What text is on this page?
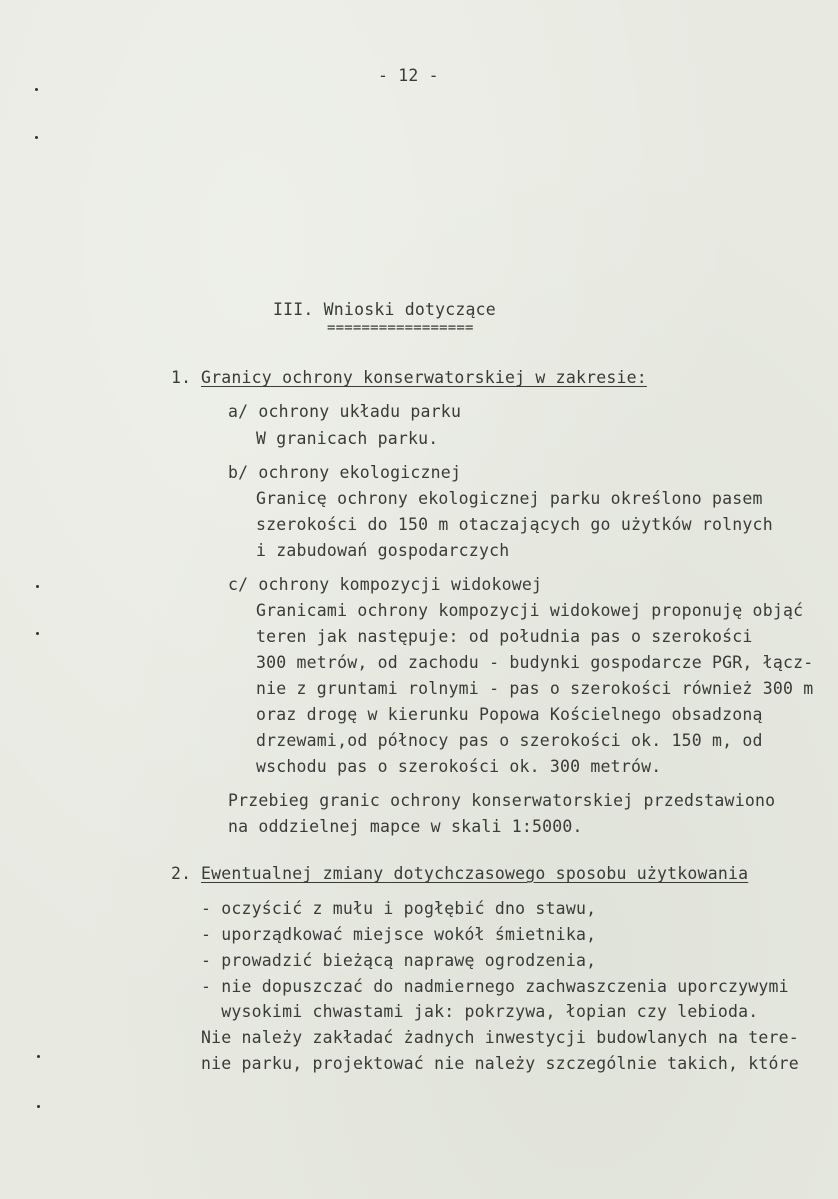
- 12 -
III. Wnioski dotyczące
=================
1. Granicy ochrony konserwatorskiej w zakresie:
a/ ochrony układu parku
W granicach parku.
b/ ochrony ekologicznej
Granicę ochrony ekologicznej parku określono pasem
szerokości do 150 m otaczających go użytków rolnych
i zabudowań gospodarczych
c/ ochrony kompozycji widokowej
Granicami ochrony kompozycji widokowej proponuję objąć
teren jak następuje: od południa pas o szerokości
300 metrów, od zachodu - budynki gospodarcze PGR, łącz-
nie z gruntami rolnymi - pas o szerokości również 300 m
oraz drogę w kierunku Popowa Kościelnego obsadzoną
drzewami,od północy pas o szerokości ok. 150 m, od
wschodu pas o szerokości ok. 300 metrów.
Przebieg granic ochrony konserwatorskiej przedstawiono
na oddzielnej mapce w skali 1:5000.
2. Ewentualnej zmiany dotychczasowego sposobu użytkowania
- oczyścić z mułu i pogłębić dno stawu,
- uporządkować miejsce wokół śmietnika,
- prowadzić bieżącą naprawę ogrodzenia,
- nie dopuszczać do nadmiernego zachwaszczenia uporczywymi
wysokimi chwastami jak: pokrzywa, łopian czy lebioda.
Nie należy zakładać żadnych inwestycji budowlanych na tere-
nie parku, projektować nie należy szczególnie takich, które
